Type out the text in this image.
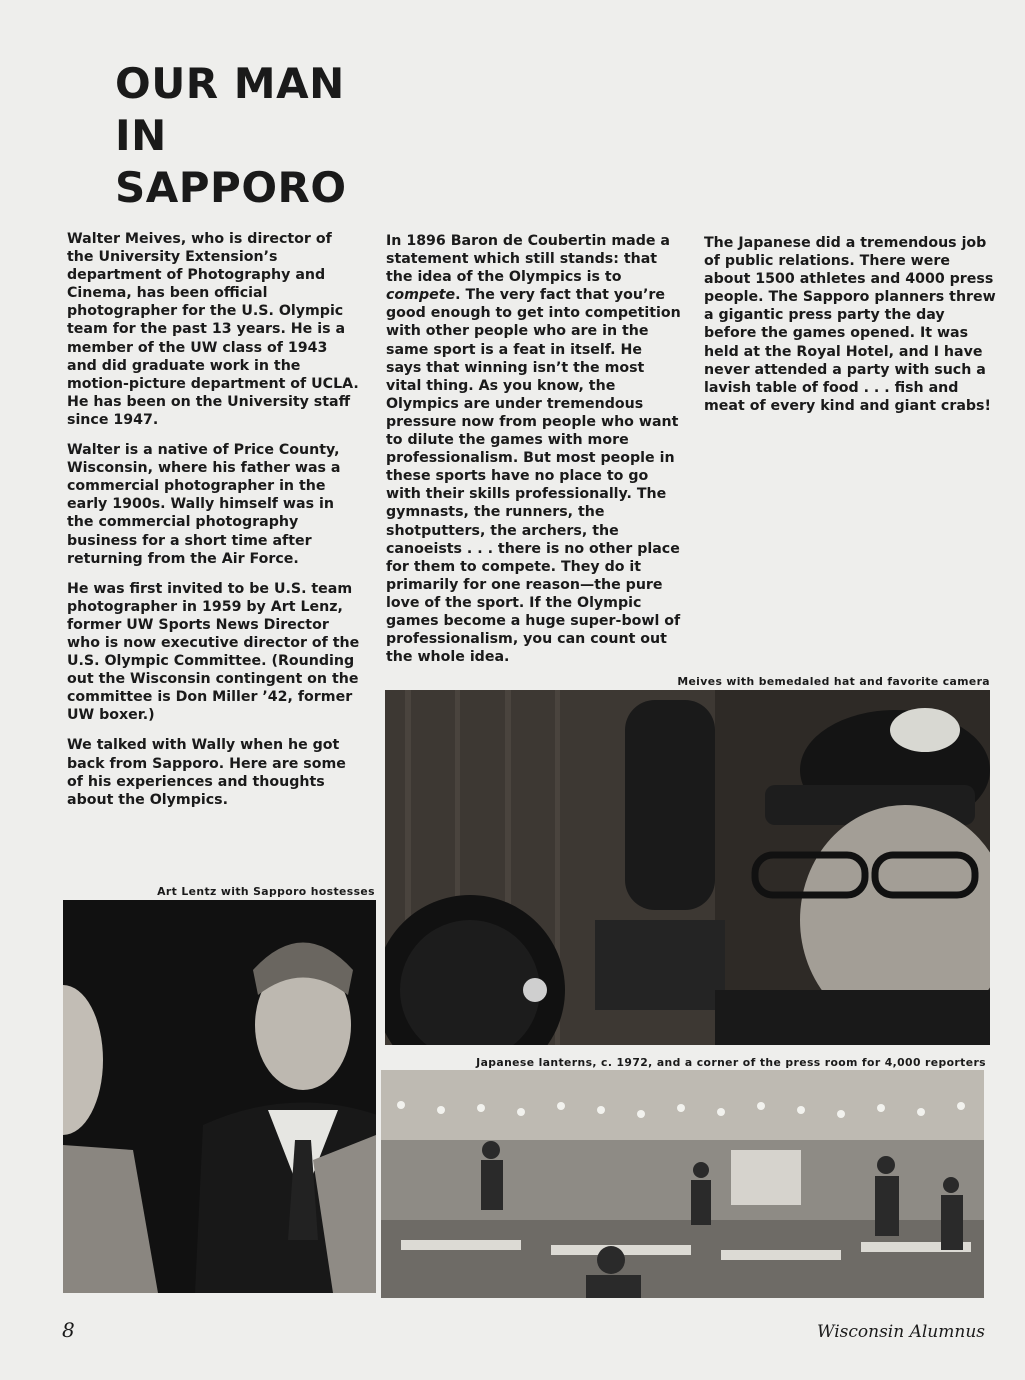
OUR MAN
IN
SAPPORO

Walter Meives, who is director of the University Extension’s department of Photography and Cinema, has been official photographer for the U.S. Olympic team for the past 13 years. He is a member of the UW class of 1943 and did graduate work in the motion-picture department of UCLA. He has been on the University staff since 1947.

Walter is a native of Price County, Wisconsin, where his father was a commercial photographer in the early 1900s. Wally himself was in the commercial photography business for a short time after returning from the Air Force.

He was first invited to be U.S. team photographer in 1959 by Art Lenz, former UW Sports News Director who is now executive director of the U.S. Olympic Committee. (Rounding out the Wisconsin contingent on the committee is Don Miller ’42, former UW boxer.)

We talked with Wally when he got back from Sapporo. Here are some of his experiences and thoughts about the Olympics.

In 1896 Baron de Coubertin made a statement which still stands: that the idea of the Olympics is to compete. The very fact that you’re good enough to get into competition with other people who are in the same sport is a feat in itself. He says that winning isn’t the most vital thing. As you know, the Olympics are under tremendous pressure now from people who want to dilute the games with more professionalism. But most people in these sports have no place to go with their skills professionally. The gymnasts, the runners, the shotputters, the archers, the canoeists . . . there is no other place for them to compete. They do it primarily for one reason—the pure love of the sport. If the Olympic games become a huge super-bowl of professionalism, you can count out the whole idea.

The Japanese did a tremendous job of public relations. There were about 1500 athletes and 4000 press people. The Sapporo planners threw a gigantic press party the day before the games opened. It was held at the Royal Hotel, and I have never attended a party with such a lavish table of food . . . fish and meat of every kind and giant crabs!

Meives with bemedaled hat and favorite camera
Art Lentz with Sapporo hostesses
Japanese lanterns, c. 1972, and a corner of the press room for 4,000 reporters
8	Wisconsin Alumnus
